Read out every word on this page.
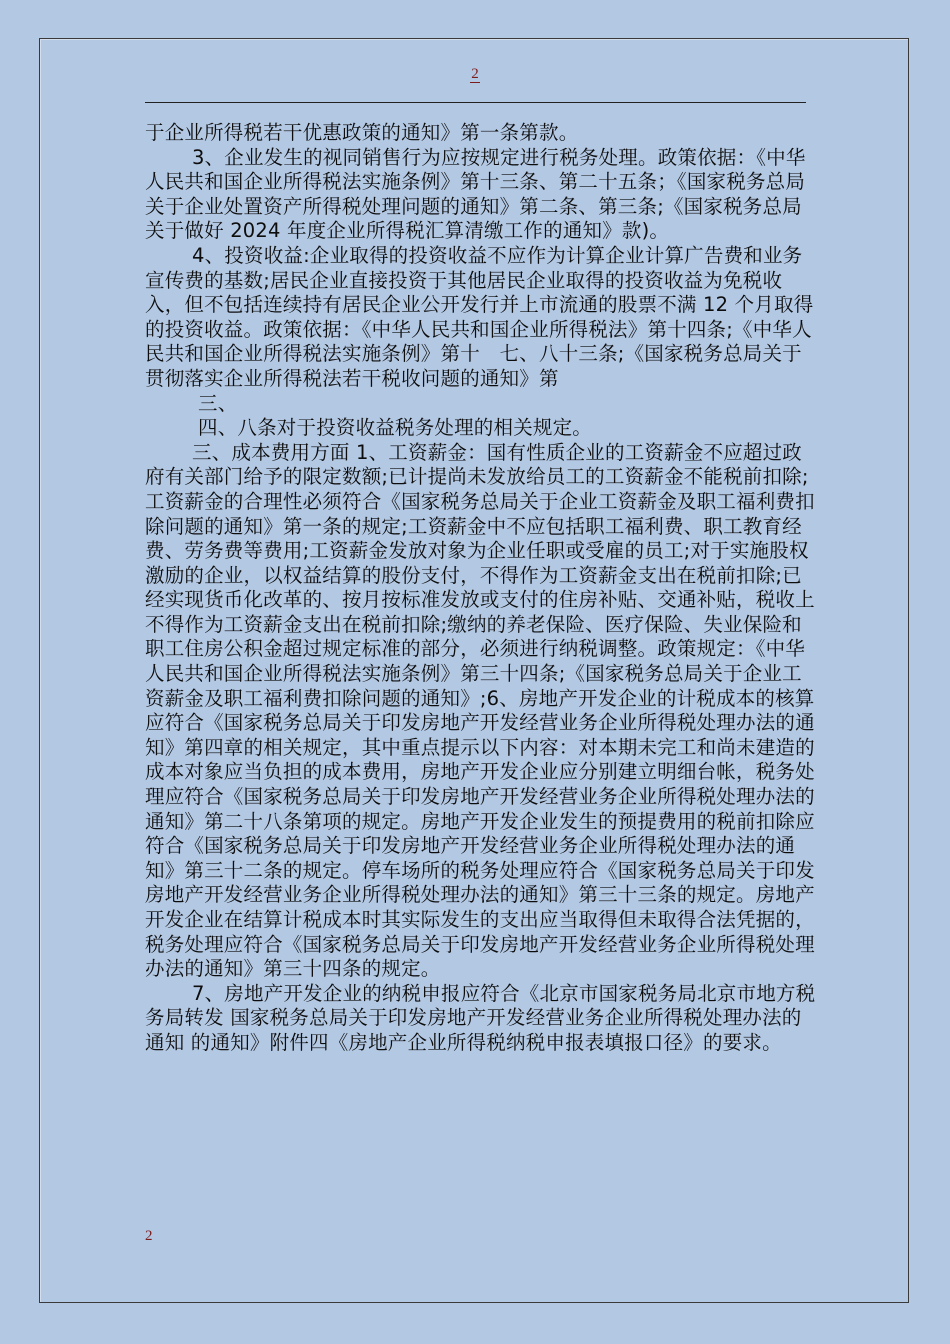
2

于企业所得税若干优惠政策的通知》第一条第款。

3、企业发生的视同销售行为应按规定进行税务处理。政策依据：《中华人民共和国企业所得税法实施条例》第十三条、第二十五条；《国家税务总局关于企业处置资产所得税处理问题的通知》第二条、第三条;《国家税务总局关于做好 2024 年度企业所得税汇算清缴工作的通知》款)。

4、投资收益:企业取得的投资收益不应作为计算企业计算广告费和业务宣传费的基数;居民企业直接投资于其他居民企业取得的投资收益为免税收入，但不包括连续持有居民企业公开发行并上市流通的股票不满 12 个月取得的投资收益。政策依据：《中华人民共和国企业所得税法》第十四条;《中华人民共和国企业所得税法实施条例》第十　七、八十三条;《国家税务总局关于贯彻落实企业所得税法若干税收问题的通知》第

三、

四、八条对于投资收益税务处理的相关规定。

三、成本费用方面 1、工资薪金：国有性质企业的工资薪金不应超过政府有关部门给予的限定数额;已计提尚未发放给员工的工资薪金不能税前扣除;工资薪金的合理性必须符合《国家税务总局关于企业工资薪金及职工福利费扣除问题的通知》第一条的规定;工资薪金中不应包括职工福利费、职工教育经费、劳务费等费用;工资薪金发放对象为企业任职或受雇的员工;对于实施股权激励的企业，以权益结算的股份支付，不得作为工资薪金支出在税前扣除;已经实现货币化改革的、按月按标准发放或支付的住房补贴、交通补贴，税收上不得作为工资薪金支出在税前扣除;缴纳的养老保险、医疗保险、失业保险和职工住房公积金超过规定标准的部分，必须进行纳税调整。政策规定：《中华人民共和国企业所得税法实施条例》第三十四条;《国家税务总局关于企业工资薪金及职工福利费扣除问题的通知》;6、房地产开发企业的计税成本的核算应符合《国家税务总局关于印发房地产开发经营业务企业所得税处理办法的通知》第四章的相关规定，其中重点提示以下内容：对本期未完工和尚未建造的成本对象应当负担的成本费用，房地产开发企业应分别建立明细台帐，税务处理应符合《国家税务总局关于印发房地产开发经营业务企业所得税处理办法的通知》第二十八条第项的规定。房地产开发企业发生的预提费用的税前扣除应符合《国家税务总局关于印发房地产开发经营业务企业所得税处理办法的通知》第三十二条的规定。停车场所的税务处理应符合《国家税务总局关于印发房地产开发经营业务企业所得税处理办法的通知》第三十三条的规定。房地产开发企业在结算计税成本时其实际发生的支出应当取得但未取得合法凭据的，税务处理应符合《国家税务总局关于印发房地产开发经营业务企业所得税处理办法的通知》第三十四条的规定。

7、房地产开发企业的纳税申报应符合《北京市国家税务局北京市地方税务局转发 国家税务总局关于印发房地产开发经营业务企业所得税处理办法的通知 的通知》附件四《房地产企业所得税纳税申报表填报口径》的要求。

2
